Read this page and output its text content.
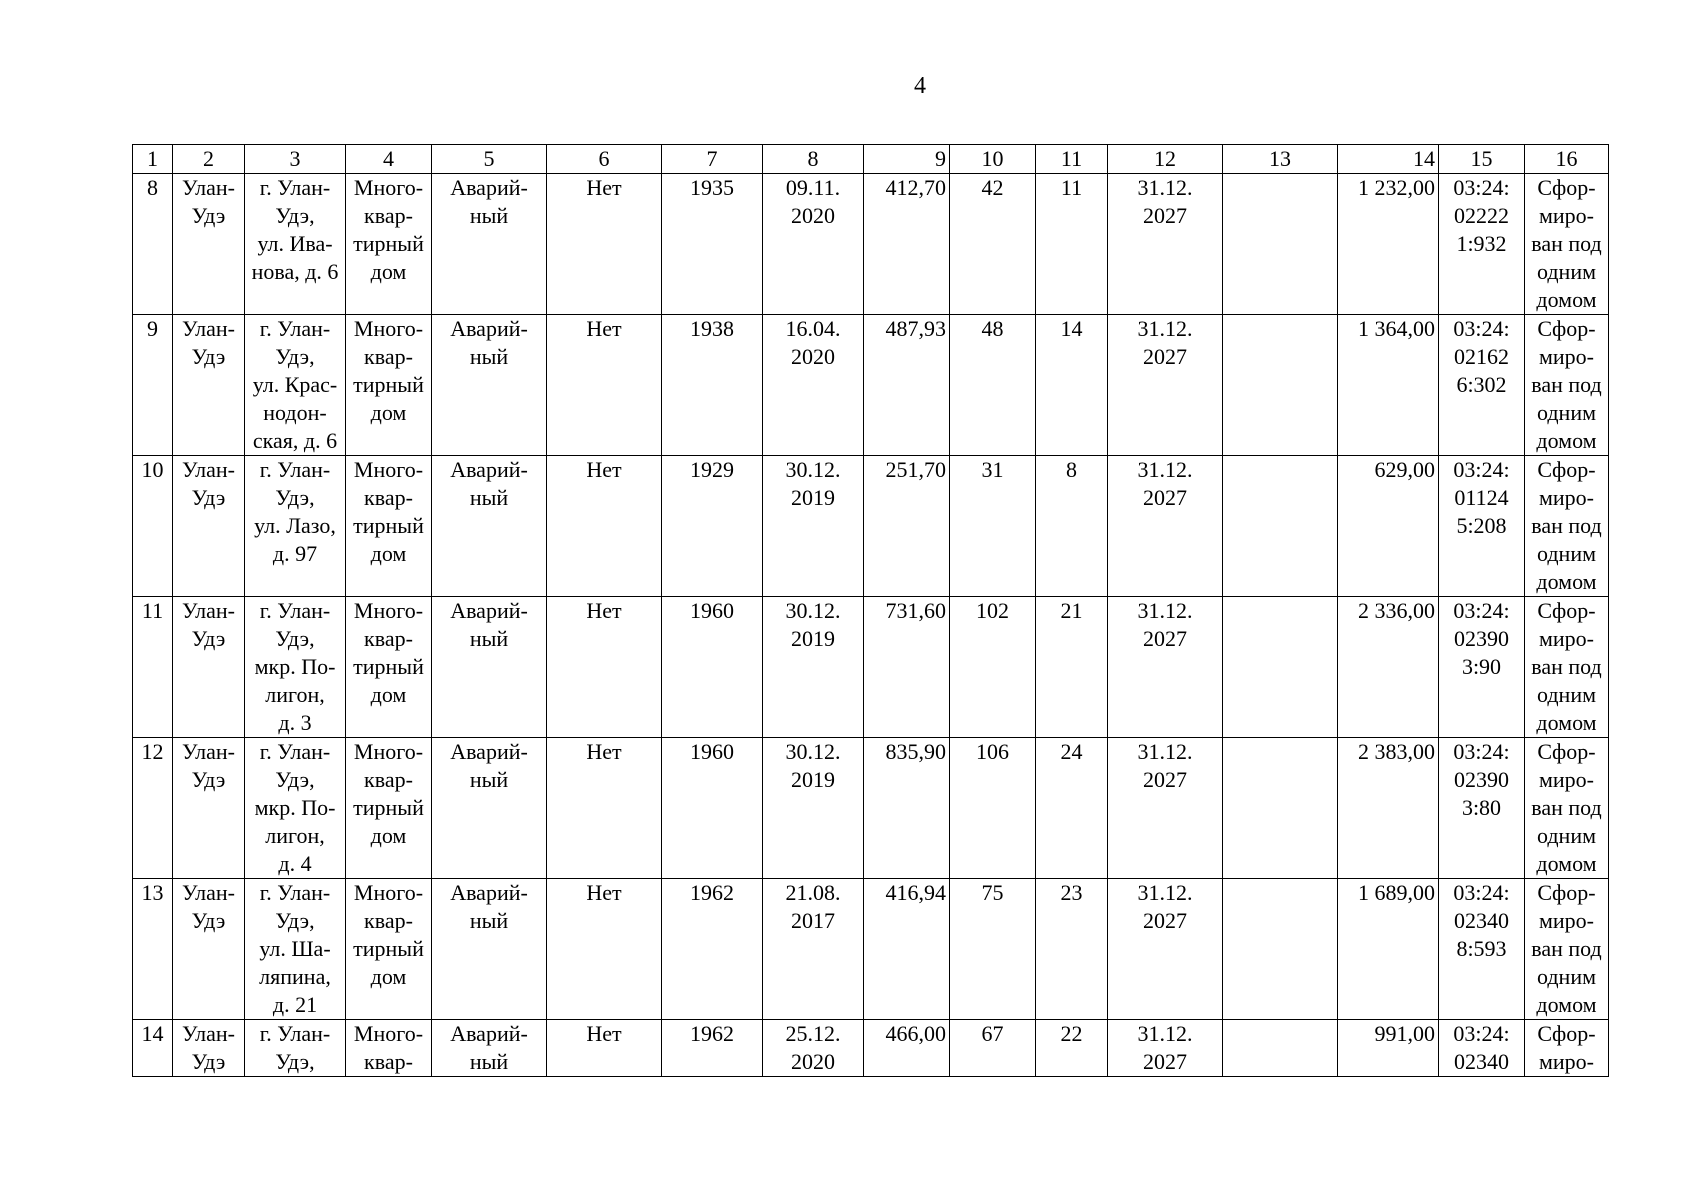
4
1	2	3	4	5	6	7	8	9	10	11	12	13	14	15	16
8	Улан-
Удэ	г. Улан-
Удэ,
ул. Ива-
нова, д. 6	Много-
квар-
тирный
дом	Аварий-
ный	Нет	1935	09.11.
2020	412,70	42	11	31.12.
2027		1 232,00	03:24:
02222
1:932	Сфор-
миро-
ван под
одним
домом
9	Улан-
Удэ	г. Улан-
Удэ,
ул. Крас-
нодон-
ская, д. 6	Много-
квар-
тирный
дом	Аварий-
ный	Нет	1938	16.04.
2020	487,93	48	14	31.12.
2027		1 364,00	03:24:
02162
6:302	Сфор-
миро-
ван под
одним
домом
10	Улан-
Удэ	г. Улан-
Удэ,
ул. Лазо,
д. 97	Много-
квар-
тирный
дом	Аварий-
ный	Нет	1929	30.12.
2019	251,70	31	8	31.12.
2027		629,00	03:24:
01124
5:208	Сфор-
миро-
ван под
одним
домом
11	Улан-
Удэ	г. Улан-
Удэ,
мкр. По-
лигон,
д. 3	Много-
квар-
тирный
дом	Аварий-
ный	Нет	1960	30.12.
2019	731,60	102	21	31.12.
2027		2 336,00	03:24:
02390
3:90	Сфор-
миро-
ван под
одним
домом
12	Улан-
Удэ	г. Улан-
Удэ,
мкр. По-
лигон,
д. 4	Много-
квар-
тирный
дом	Аварий-
ный	Нет	1960	30.12.
2019	835,90	106	24	31.12.
2027		2 383,00	03:24:
02390
3:80	Сфор-
миро-
ван под
одним
домом
13	Улан-
Удэ	г. Улан-
Удэ,
ул. Ша-
ляпина,
д. 21	Много-
квар-
тирный
дом	Аварий-
ный	Нет	1962	21.08.
2017	416,94	75	23	31.12.
2027		1 689,00	03:24:
02340
8:593	Сфор-
миро-
ван под
одним
домом
14	Улан-
Удэ	г. Улан-
Удэ,	Много-
квар-	Аварий-
ный	Нет	1962	25.12.
2020	466,00	67	22	31.12.
2027		991,00	03:24:
02340	Сфор-
миро-
